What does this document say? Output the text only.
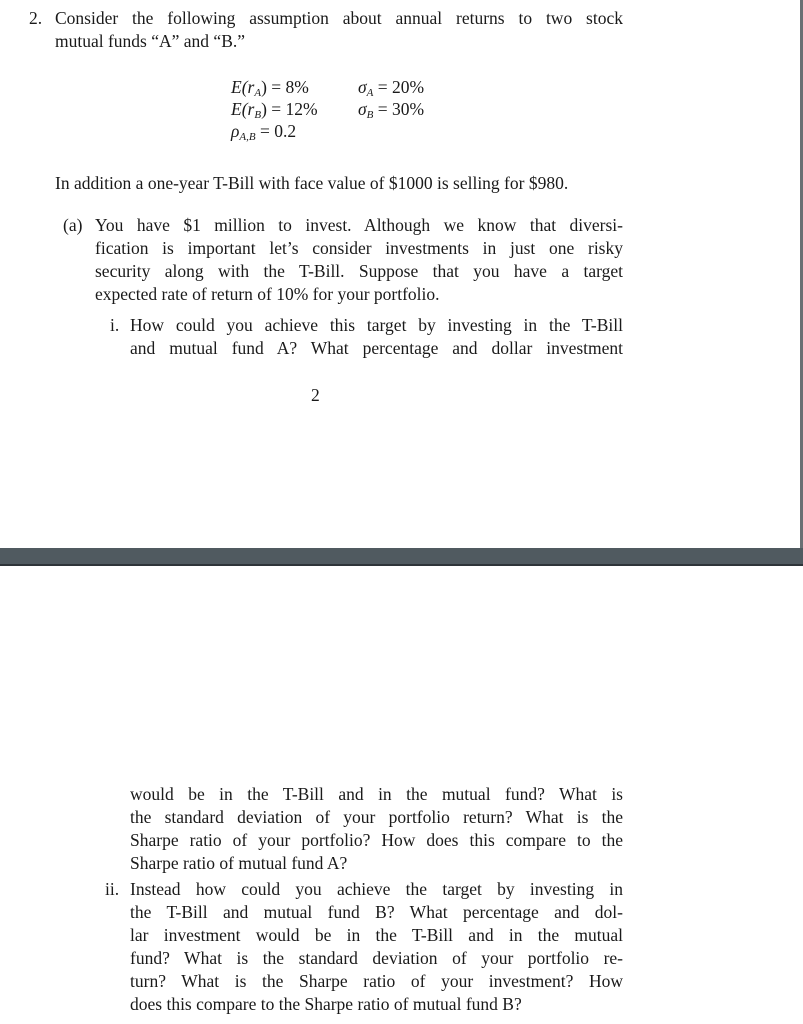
2. Consider the following assumption about annual returns to two stock
mutual funds “A” and “B.”
$E(r_A) = 8\%$	$\sigma_A = 20\%$
$E(r_B) = 12\%$ $\sigma_B = 30\%$
$\rho_{A,B} = 0.2$
In addition a one-year T-Bill with face value of $1000 is selling for $980.
(a) You have $1 million to invest. Although we know that diversi-
fication is important let’s consider investments in just one risky
security along with the T-Bill. Suppose that you have a target
expected rate of return of 10% for your portfolio.
i. How could you achieve this target by investing in the T-Bill
and mutual fund A? What percentage and dollar investment
2
would be in the T-Bill and in the mutual fund? What is
the standard deviation of your portfolio return? What is the
Sharpe ratio of your portfolio? How does this compare to the
Sharpe ratio of mutual fund A?
ii. Instead how could you achieve the target by investing in
the T-Bill and mutual fund B? What percentage and dol-
lar investment would be in the T-Bill and in the mutual
fund? What is the standard deviation of your portfolio re-
turn? What is the Sharpe ratio of your investment? How
does this compare to the Sharpe ratio of mutual fund B?
